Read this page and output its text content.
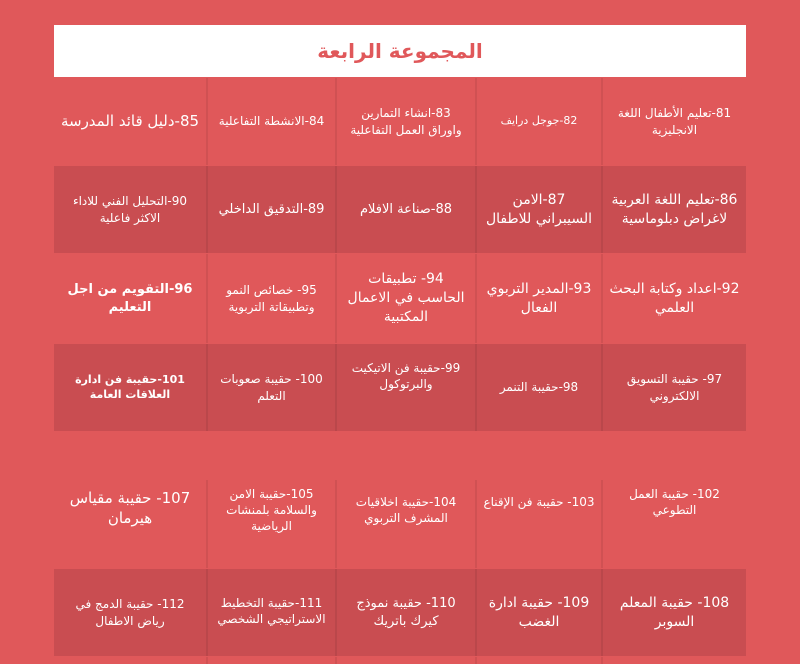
المجموعة الرابعة
81-تعليم الأطفال اللغة الانجليزية
82-جوجل درايف
83-انشاء التمارين واوراق العمل التفاعلية
84-الانشطة التفاعلية
85-دليل قائد المدرسة
86-تعليم اللغة العربية لاغراض دبلوماسية
87-الامن السيبراني للاطفال
88-صناعة الافلام
89-التدقيق الداخلي
90-التحليل الفني للاداء الاكثر فاعلية
92-اعداد وكتابة البحث العلمي
93-المدير التربوي الفعال
94- تطبيقات الحاسب في الاعمال المكتبية
95- خصائص النمو وتطبيقاتة التربوية
96-التقويم من اجل التعليم
97- حقيبة التسويق الالكتروني
98-حقيبة التنمر
99-حقيبة فن الاتيكيت والبرتوكول
100- حقيبة صعوبات التعلم
101-حقيبة فن ادارة العلاقات العامة
102- حقيبة العمل التطوعي
103- حقيبة فن الإقناع
104-حقيبة اخلاقيات المشرف التربوي
105-حقيبة الامن والسلامة بلمنشات الرياضية
107- حقيبة مقياس هيرمان
108- حقيبة المعلم السوبر
109- حقيبة ادارة الغضب
110- حقيبة نموذج كيرك باتريك
111-حقيبة التخطيط الاستراتيجي الشخصي
112- حقيبة الدمج في رياض الاطفال
